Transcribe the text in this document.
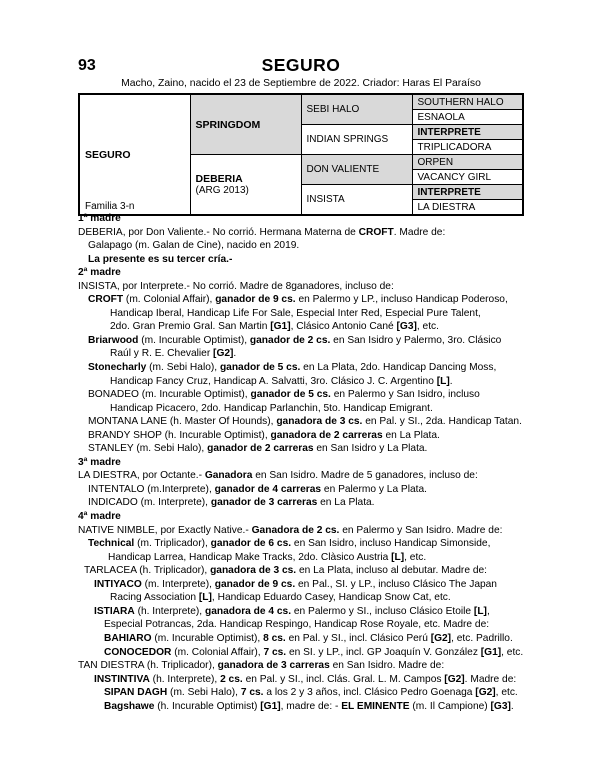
93	SEGURO
Macho, Zaino, nacido el 23 de Septiembre de 2022. Criador: Haras El Paraíso
SEGURO
Familia 3-n	SPRINGDOM	SEBI HALO	SOUTHERN HALO
			ESNAOLA
		INDIAN SPRINGS	INTERPRETE
			TRIPLICADORA

	DEBERIA
(ARG 2013)	DON VALIENTE	ORPEN
			VACANCY GIRL
		INSISTA	INTERPRETE
			LA DIESTRA
1ª madre
DEBERIA, por Don Valiente.- No corrió. Hermana Materna de CROFT. Madre de:
Galapago (m. Galan de Cine), nacido en 2019.
La presente es su tercer cría.-
2ª madre
INSISTA, por Interprete.- No corrió. Madre de 8ganadores, incluso de:
CROFT (m. Colonial Affair), ganador de 9 cs. en Palermo y LP., incluso Handicap Poderoso,
Handicap Iberal, Handicap Life For Sale, Especial Inter Red, Especial Pure Talent,
2do. Gran Premio Gral. San Martin [G1], Clásico Antonio Cané [G3], etc.
Briarwood (m. Incurable Optimist), ganador de 2 cs. en San Isidro y Palermo, 3ro. Clásico
Raúl y R. E. Chevalier [G2].
Stonecharly (m. Sebi Halo), ganador de 5 cs. en La Plata, 2do. Handicap Dancing Moss,
Handicap Fancy Cruz, Handicap A. Salvatti, 3ro. Clásico J. C. Argentino [L].
BONADEO (m. Incurable Optimist), ganador de 5 cs. en Palermo y San Isidro, incluso
Handicap Picacero, 2do. Handicap Parlanchin, 5to. Handicap Emigrant.
MONTANA LANE (h. Master Of Hounds), ganadora de 3 cs. en Pal. y SI., 2da. Handicap Tatan.
BRANDY SHOP (h. Incurable Optimist), ganadora de 2 carreras en La Plata.
STANLEY (m. Sebi Halo), ganador de 2 carreras en San Isidro y La Plata.
3ª madre
LA DIESTRA, por Octante.- Ganadora en San Isidro. Madre de 5 ganadores, incluso de:
INTENTALO (m.Interprete), ganador de 4 carreras en Palermo y La Plata.
INDICADO (m. Interprete), ganador de 3 carreras en La Plata.
4ª madre
NATIVE NIMBLE, por Exactly Native.- Ganadora de 2 cs. en Palermo y San Isidro. Madre de:
Technical (m. Triplicador), ganador de 6 cs. en San Isidro, incluso Handicap Simonside,
Handicap Larrea, Handicap Make Tracks, 2do. Clàsico Austria [L], etc.
TARLACEA (h. Triplicador), ganadora de 3 cs. en La Plata, incluso al debutar. Madre de:
INTIYACO (m. Interprete), ganador de 9 cs. en Pal., SI. y LP., incluso Clásico The Japan
Racing Association [L], Handicap Eduardo Casey, Handicap Snow Cat, etc.
ISTIARA (h. Interprete), ganadora de 4 cs. en Palermo y SI., incluso Clásico Etoile [L],
Especial Potrancas, 2da. Handicap Respingo, Handicap Rose Royale, etc. Madre de:
BAHIARO (m. Incurable Optimist), 8 cs. en Pal. y SI., incl. Clásico Perú [G2], etc. Padrillo.
CONOCEDOR (m. Colonial Affair), 7 cs. en SI. y LP., incl. GP Joaquín V. González [G1], etc.
TAN DIESTRA (h. Triplicador), ganadora de 3 carreras en San Isidro. Madre de:
INSTINTIVA (h. Interprete), 2 cs. en Pal. y SI., incl. Clás. Gral. L. M. Campos [G2]. Madre de:
SIPAN DAGH (m. Sebi Halo), 7 cs. a los 2 y 3 años, incl. Clásico Pedro Goenaga [G2], etc.
Bagshawe (h. Incurable Optimist) [G1], madre de: - EL EMINENTE (m. Il Campione) [G3].
